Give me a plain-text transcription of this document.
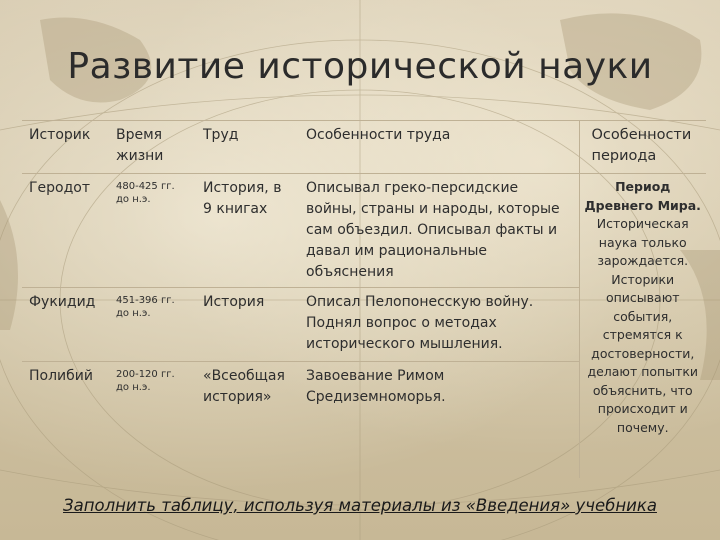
Развитие исторической науки
Историк	Время жизни	Труд	Особенности труда	Особенности периода
Геродот	480-425 гг. до н.э.	История, в 9 книгах	Описывал греко-персидские войны, страны и народы, которые сам объездил. Описывал факты и давал им рациональные объяснения	Период Древнего Мира. Историческая наука только зарождается. Историки описывают события, стремятся к достоверности, делают попытки объяснить, что происходит и почему.
Фукидид	451-396 гг. до н.э.	История	Описал Пелопонесскую войну. Поднял вопрос о методах исторического мышления.	
Полибий	200-120 гг. до н.э.	«Всеобщая история»	Завоевание Римом Средиземноморья.	
Заполнить таблицу, используя материалы из «Введения» учебника
